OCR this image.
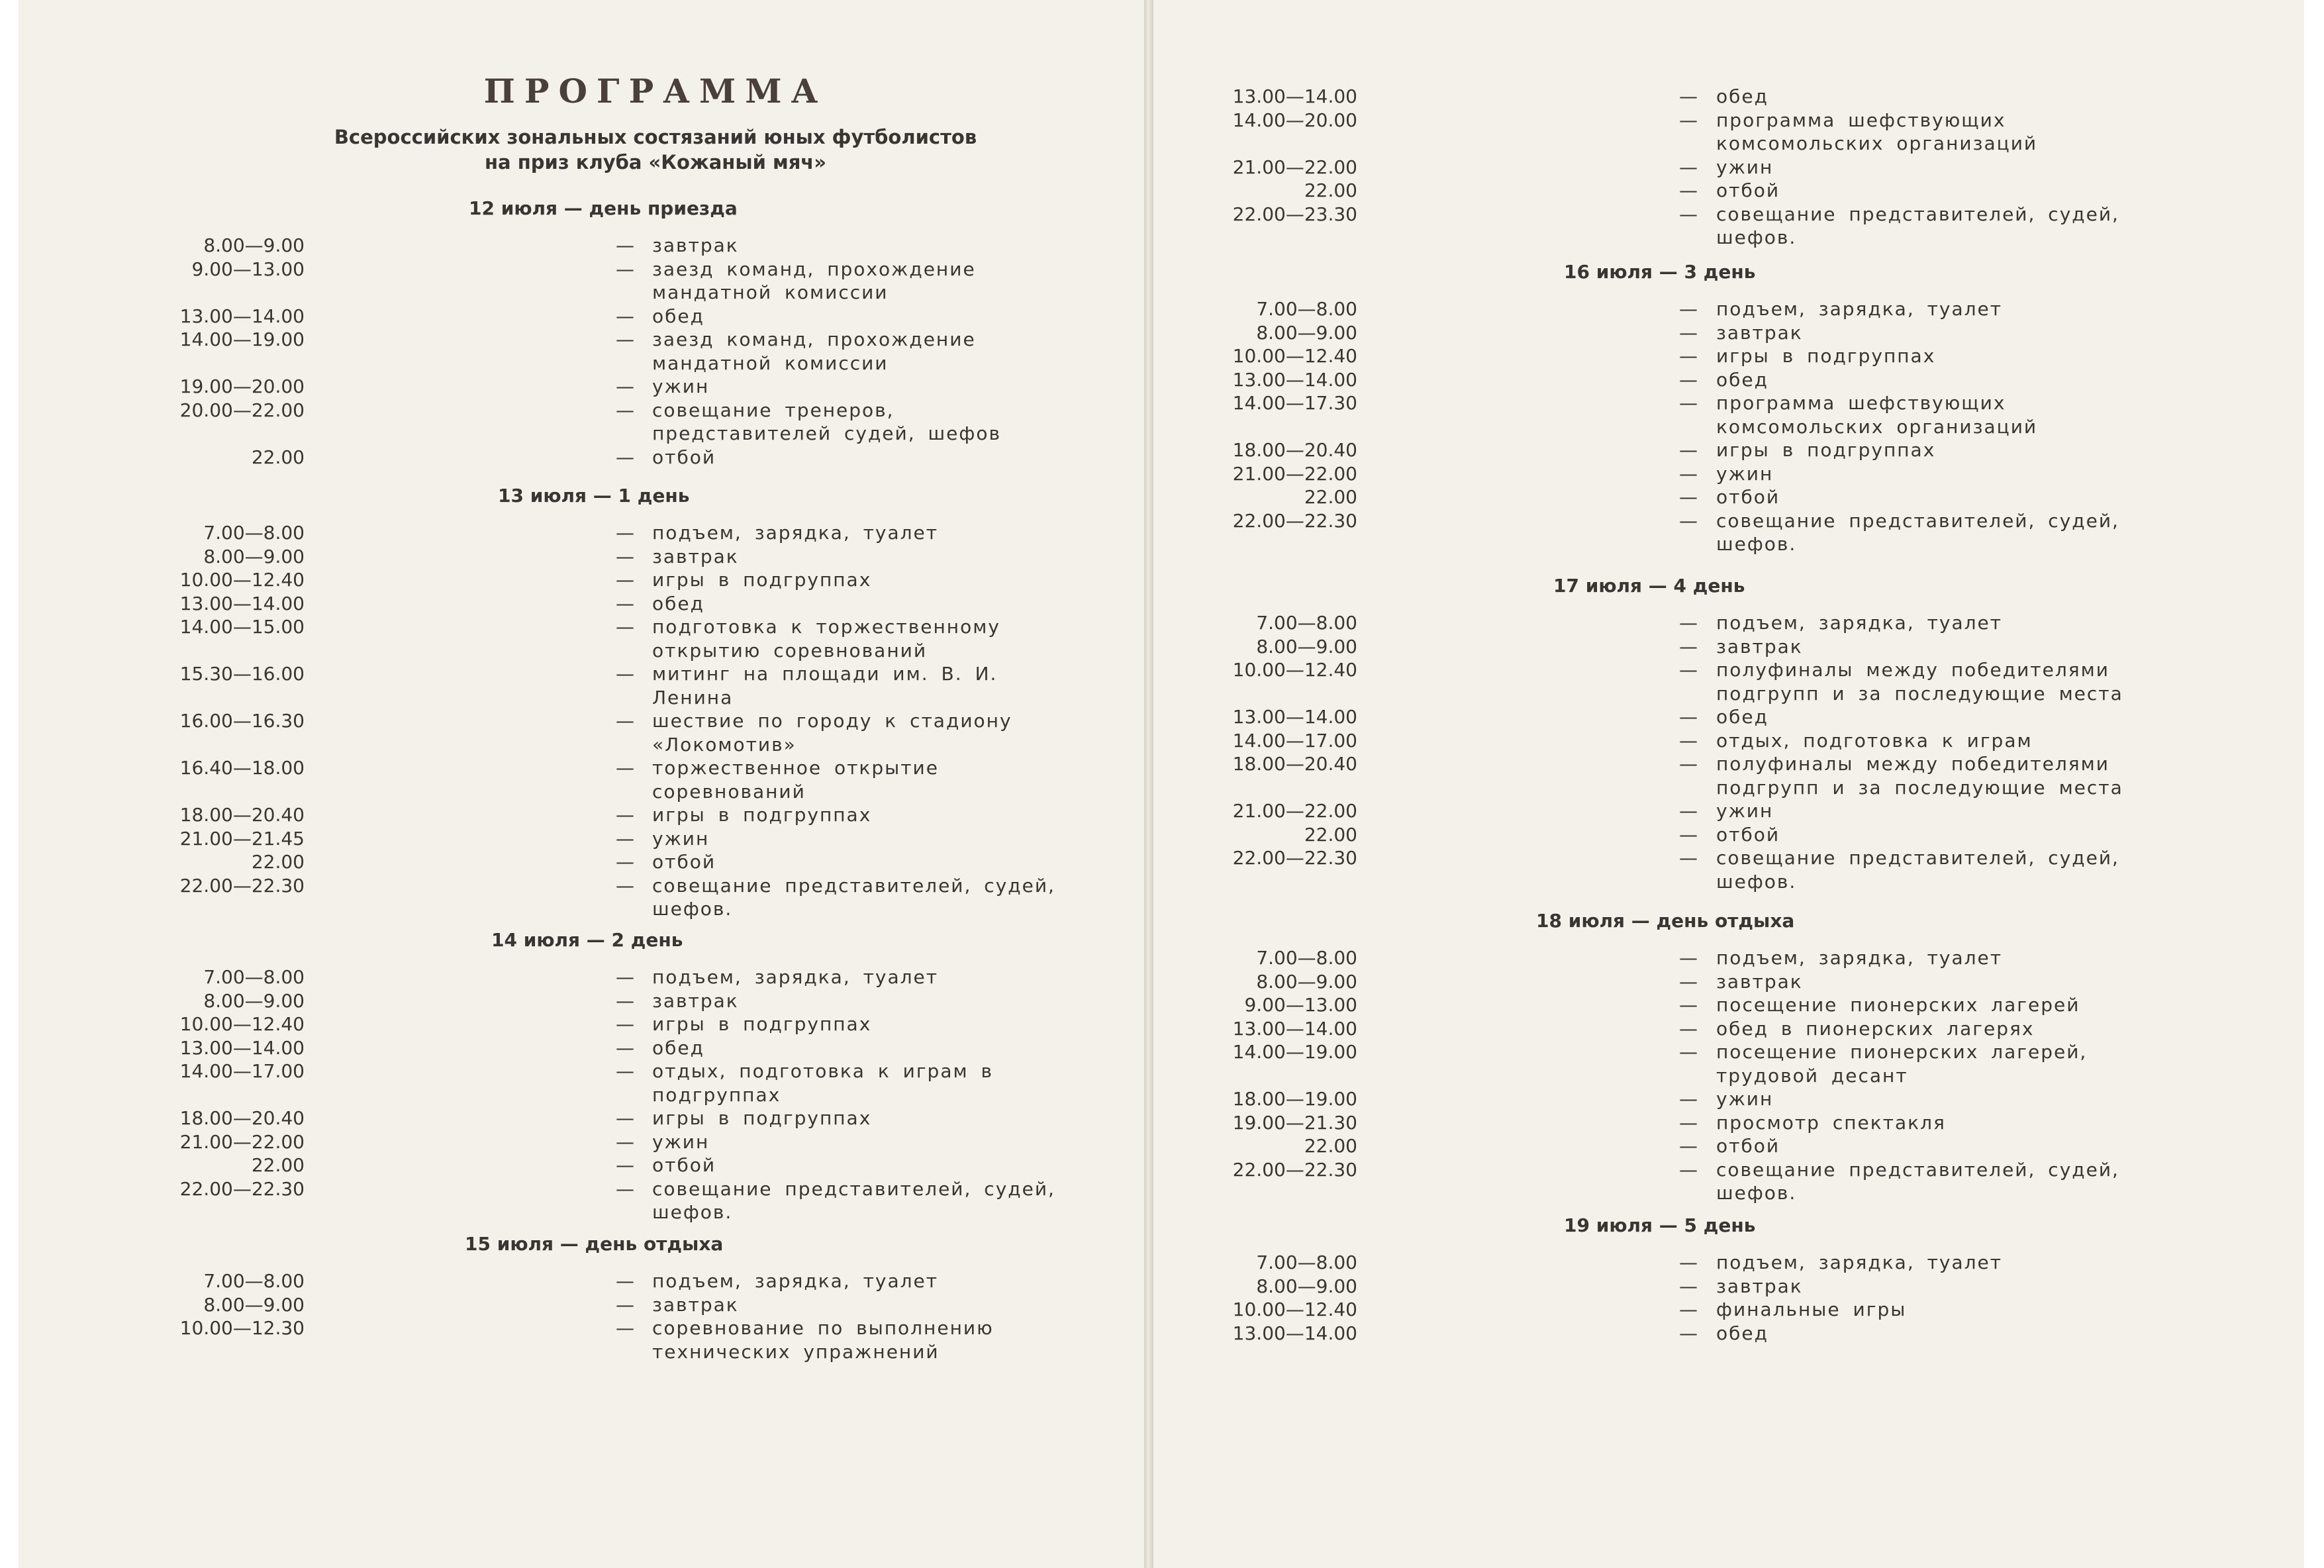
ПРОГРАММА
Всероссийских зональных состязаний юных футболистов
на приз клуба «Кожаный мяч»
12 июля — день приезда
8.00—9.00	— завтрак
9.00—13.00	— заезд команд, прохождение мандатной комиссии
13.00—14.00	— обед
14.00—19.00	— заезд команд, прохождение мандатной комиссии
19.00—20.00	— ужин
20.00—22.00	— совещание тренеров, представителей судей, шефов
22.00	— отбой
13 июля — 1 день
7.00—8.00	— подъем, зарядка, туалет
8.00—9.00	— завтрак
10.00—12.40	— игры в подгруппах
13.00—14.00	— обед
14.00—15.00	— подготовка к торжественному открытию соревнований
15.30—16.00	— митинг на площади им. В. И. Ленина
16.00—16.30	— шествие по городу к стадиону «Локомотив»
16.40—18.00	— торжественное открытие соревнований
18.00—20.40	— игры в подгруппах
21.00—21.45	— ужин
22.00	— отбой
22.00—22.30	— совещание представителей, судей, шефов.
14 июля — 2 день
7.00—8.00	— подъем, зарядка, туалет
8.00—9.00	— завтрак
10.00—12.40	— игры в подгруппах
13.00—14.00	— обед
14.00—17.00	— отдых, подготовка к играм в подгруппах
18.00—20.40	— игры в подгруппах
21.00—22.00	— ужин
22.00	— отбой
22.00—22.30	— совещание представителей, судей, шефов.
15 июля — день отдыха
7.00—8.00	— подъем, зарядка, туалет
8.00—9.00	— завтрак
10.00—12.30	— соревнование по выполнению технических упражнений
13.00—14.00	— обед
14.00—20.00	— программа шефствующих комсомольских организаций
21.00—22.00	— ужин
22.00	— отбой
22.00—23.30	— совещание представителей, судей, шефов.
16 июля — 3 день
7.00—8.00	— подъем, зарядка, туалет
8.00—9.00	— завтрак
10.00—12.40	— игры в подгруппах
13.00—14.00	— обед
14.00—17.30	— программа шефствующих комсомольских организаций
18.00—20.40	— игры в подгруппах
21.00—22.00	— ужин
22.00	— отбой
22.00—22.30	— совещание представителей, судей, шефов.
17 июля — 4 день
7.00—8.00	— подъем, зарядка, туалет
8.00—9.00	— завтрак
10.00—12.40	— полуфиналы между победителями подгрупп и за последующие места
13.00—14.00	— обед
14.00—17.00	— отдых, подготовка к играм
18.00—20.40	— полуфиналы между победителями подгрупп и за последующие места
21.00—22.00	— ужин
22.00	— отбой
22.00—22.30	— совещание представителей, судей, шефов.
18 июля — день отдыха
7.00—8.00	— подъем, зарядка, туалет
8.00—9.00	— завтрак
9.00—13.00	— посещение пионерских лагерей
13.00—14.00	— обед в пионерских лагерях
14.00—19.00	— посещение пионерских лагерей, трудовой десант
18.00—19.00	— ужин
19.00—21.30	— просмотр спектакля
22.00	— отбой
22.00—22.30	— совещание представителей, судей, шефов.
19 июля — 5 день
7.00—8.00	— подъем, зарядка, туалет
8.00—9.00	— завтрак
10.00—12.40	— финальные игры
13.00—14.00	— обед
